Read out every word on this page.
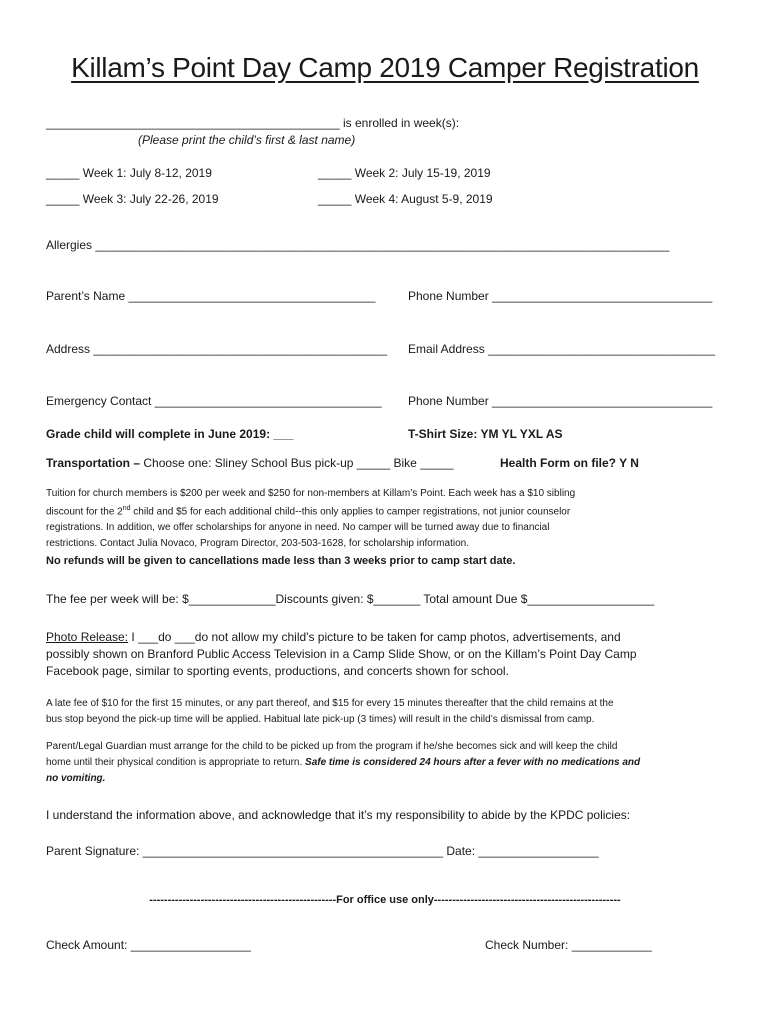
Killam’s Point Day Camp 2019 Camper Registration
____________________________________________ is enrolled in week(s):
(Please print the child’s first & last name)
_____ Week 1: July 8-12, 2019	_____ Week 2: July 15-19, 2019
_____ Week 3: July 22-26, 2019	_____ Week 4: August 5-9, 2019
Allergies ______________________________________________________________________________________
Parent’s Name _____________________________________	Phone Number _________________________________
Address ____________________________________________ Email Address __________________________________
Emergency Contact __________________________________ Phone Number _________________________________
Grade child will complete in June 2019: ___	T-Shirt Size: YM YL YXL AS
Transportation – Choose one: Sliney School Bus pick-up _____ Bike _____	Health Form on file? Y N
Tuition for church members is $200 per week and $250 for non-members at Killam’s Point. Each week has a $10 sibling
discount for the 2nd child and $5 for each additional child--this only applies to camper registrations, not junior counselor
registrations. In addition, we offer scholarships for anyone in need. No camper will be turned away due to financial
restrictions. Contact Julia Novaco, Program Director, 203-503-1628, for scholarship information.
No refunds will be given to cancellations made less than 3 weeks prior to camp start date.
The fee per week will be: $_____________Discounts given: $_______ Total amount Due $___________________
Photo Release: I ___do ___do not allow my child's picture to be taken for camp photos, advertisements, and
possibly shown on Branford Public Access Television in a Camp Slide Show, or on the Killam’s Point Day Camp
Facebook page, similar to sporting events, productions, and concerts shown for school.
A late fee of $10 for the first 15 minutes, or any part thereof, and $15 for every 15 minutes thereafter that the child remains at the
bus stop beyond the pick-up time will be applied. Habitual late pick-up (3 times) will result in the child’s dismissal from camp.
Parent/Legal Guardian must arrange for the child to be picked up from the program if he/she becomes sick and will keep the child
home until their physical condition is appropriate to return. Safe time is considered 24 hours after a fever with no medications and
no vomiting.
I understand the information above, and acknowledge that it’s my responsibility to abide by the KPDC policies:
Parent Signature: _____________________________________________ Date: __________________
---------------------------------------------------For office use only---------------------------------------------------
Check Amount: __________________	Check Number: ____________
